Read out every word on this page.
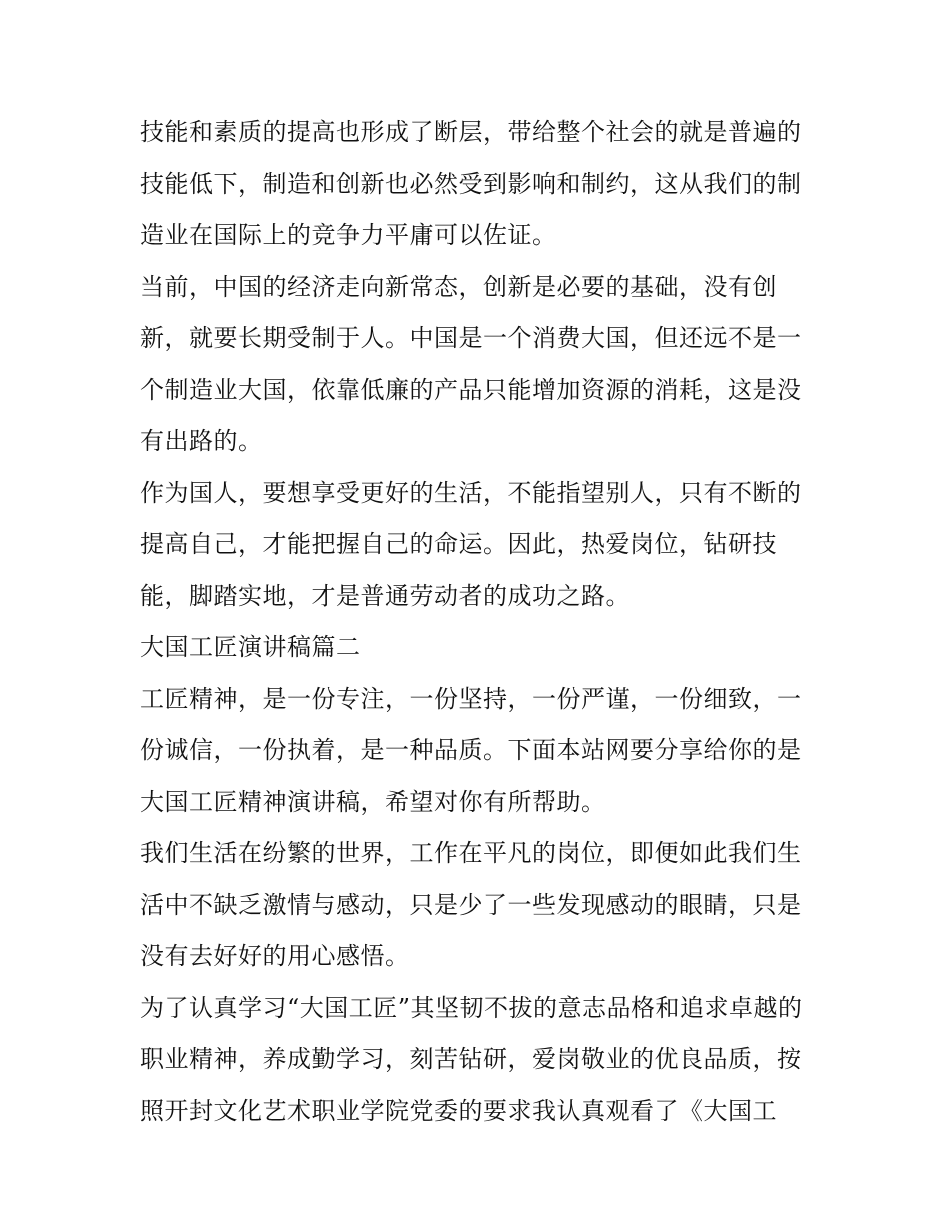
技能和素质的提高也形成了断层，带给整个社会的就是普遍的
技能低下，制造和创新也必然受到影响和制约，这从我们的制
造业在国际上的竞争力平庸可以佐证。
当前，中国的经济走向新常态，创新是必要的基础，没有创
新，就要长期受制于人。中国是一个消费大国，但还远不是一
个制造业大国，依靠低廉的产品只能增加资源的消耗，这是没
有出路的。
作为国人，要想享受更好的生活，不能指望别人，只有不断的
提高自己，才能把握自己的命运。因此，热爱岗位，钻研技
能，脚踏实地，才是普通劳动者的成功之路。
大国工匠演讲稿篇二
工匠精神，是一份专注，一份坚持，一份严谨，一份细致，一
份诚信，一份执着，是一种品质。下面本站网要分享给你的是
大国工匠精神演讲稿，希望对你有所帮助。
我们生活在纷繁的世界，工作在平凡的岗位，即便如此我们生
活中不缺乏激情与感动，只是少了一些发现感动的眼睛，只是
没有去好好的用心感悟。
为了认真学习“大国工匠”其坚韧不拔的意志品格和追求卓越的
职业精神，养成勤学习，刻苦钻研，爱岗敬业的优良品质，按
照开封文化艺术职业学院党委的要求我认真观看了《大国工
